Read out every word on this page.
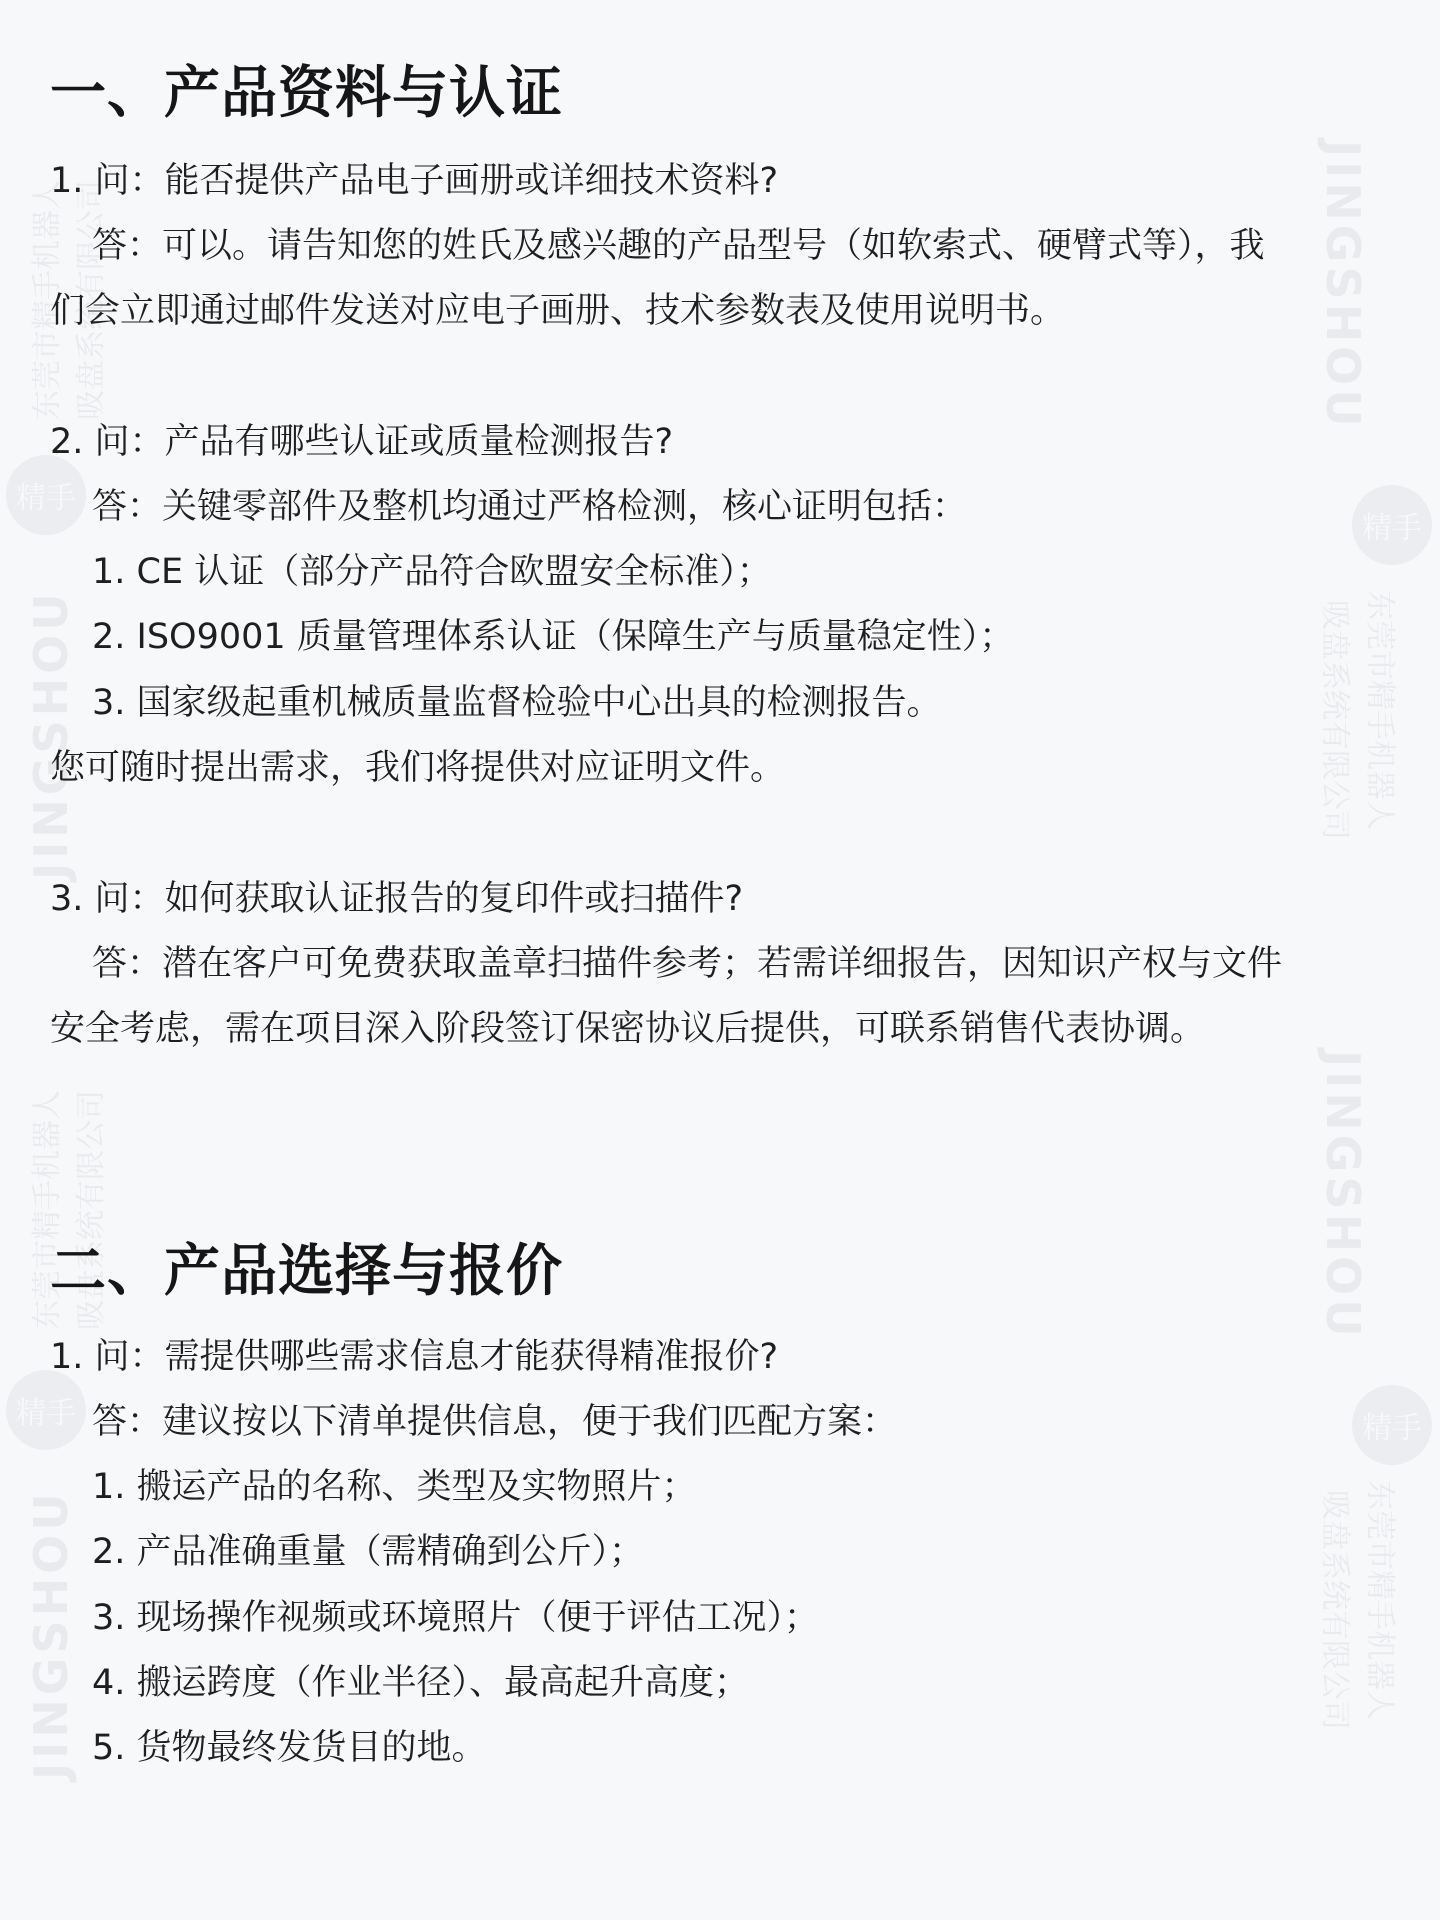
JINGSHOU
JINGSHOU
JINGSHOU
JINGSHOU
东莞市精手机器人
东莞市精手机器人
东莞市精手机器人
东莞市精手机器人
吸盘系统有限公司
吸盘系统有限公司
吸盘系统有限公司
吸盘系统有限公司
精手
精手
精手
精手
一、产品资料与认证
1. 问：能否提供产品电子画册或详细技术资料?
答：可以。请告知您的姓氏及感兴趣的产品型号（如软索式、硬臂式等），我
们会立即通过邮件发送对应电子画册、技术参数表及使用说明书。
2. 问：产品有哪些认证或质量检测报告?
答：关键零部件及整机均通过严格检测，核心证明包括：
1. CE 认证（部分产品符合欧盟安全标准）；
2. ISO9001 质量管理体系认证（保障生产与质量稳定性）；
3. 国家级起重机械质量监督检验中心出具的检测报告。
您可随时提出需求，我们将提供对应证明文件。
3. 问：如何获取认证报告的复印件或扫描件?
答：潜在客户可免费获取盖章扫描件参考；若需详细报告，因知识产权与文件
安全考虑，需在项目深入阶段签订保密协议后提供，可联系销售代表协调。
二、产品选择与报价
1. 问：需提供哪些需求信息才能获得精准报价?
答：建议按以下清单提供信息，便于我们匹配方案：
1. 搬运产品的名称、类型及实物照片；
2. 产品准确重量（需精确到公斤）；
3. 现场操作视频或环境照片（便于评估工况）；
4. 搬运跨度（作业半径）、最高起升高度；
5. 货物最终发货目的地。
